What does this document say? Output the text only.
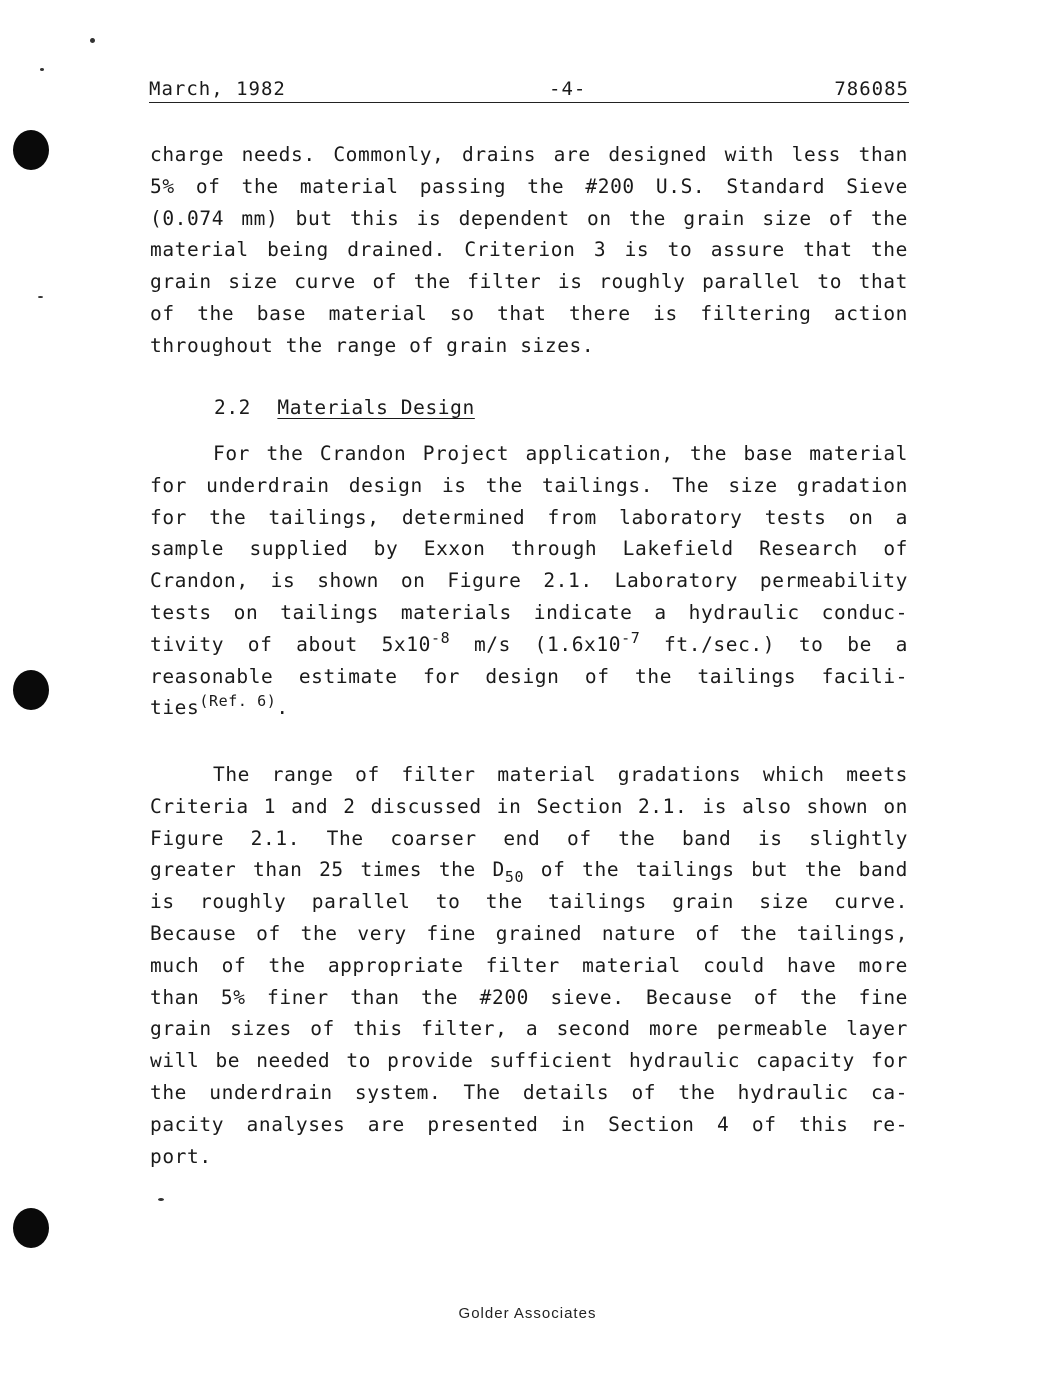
March, 1982	-4-	786085
charge needs. Commonly, drains are designed with less than
5% of the material passing the #200 U.S. Standard Sieve
(0.074 mm) but this is dependent on the grain size of the
material being drained. Criterion 3 is to assure that the
grain size curve of the filter is roughly parallel to that
of the base material so that there is filtering action
throughout the range of grain sizes.
2.2 Materials Design
For the Crandon Project application, the base material
for underdrain design is the tailings. The size gradation
for the tailings, determined from laboratory tests on a
sample supplied by Exxon through Lakefield Research of
Crandon, is shown on Figure 2.1. Laboratory permeability
tests on tailings materials indicate a hydraulic conduc-
tivity of about $5x10^{-8}$ m/s ($1.6x10^{-7}$ ft./sec.) to be a
reasonable estimate for design of the tailings facili-
ties$^{(Ref. 6)}$.
The range of filter material gradations which meets
Criteria 1 and 2 discussed in Section 2.1. is also shown on
Figure 2.1. The coarser end of the band is slightly
greater than 25 times the $D_{50}$ of the tailings but the band
is roughly parallel to the tailings grain size curve.
Because of the very fine grained nature of the tailings,
much of the appropriate filter material could have more
than 5% finer than the #200 sieve. Because of the fine
grain sizes of this filter, a second more permeable layer
will be needed to provide sufficient hydraulic capacity for
the underdrain system. The details of the hydraulic ca-
pacity analyses are presented in Section 4 of this re-
port.
Golder Associates
